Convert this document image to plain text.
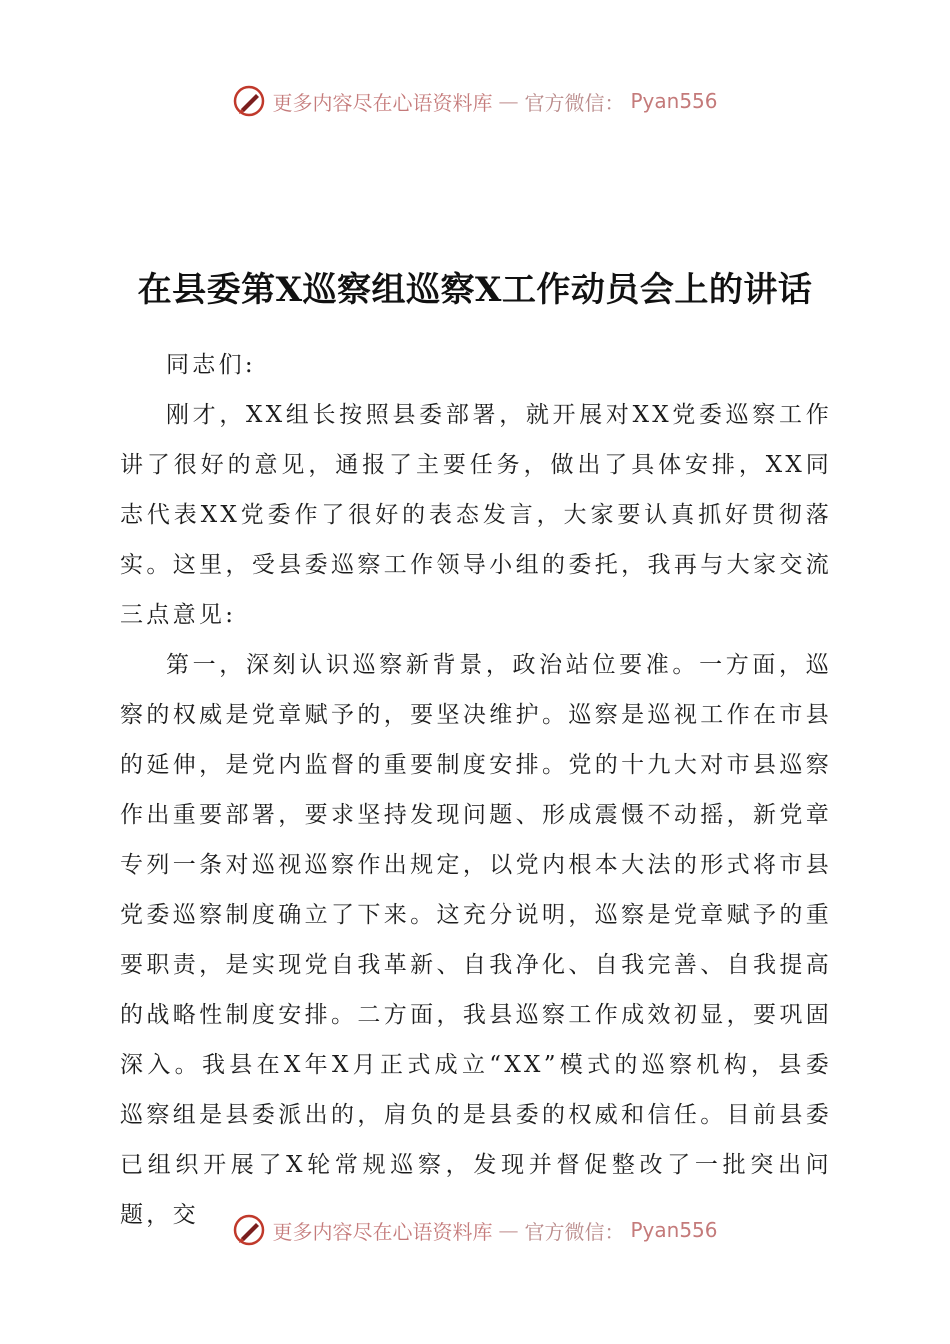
更多内容尽在心语资料库 — 官方微信： Pyan556
在县委第X巡察组巡察X工作动员会上的讲话

同志们:

刚才，XX组长按照县委部署，就开展对XX党委巡察工作讲了很好的意见，通报了主要任务，做出了具体安排，XX同志代表XX党委作了很好的表态发言，大家要认真抓好贯彻落实。这里，受县委巡察工作领导小组的委托，我再与大家交流三点意见:

第一，深刻认识巡察新背景，政治站位要准。一方面，巡察的权威是党章赋予的，要坚决维护。巡察是巡视工作在市县的延伸，是党内监督的重要制度安排。党的十九大对市县巡察作出重要部署，要求坚持发现问题、形成震慑不动摇，新党章专列一条对巡视巡察作出规定，以党内根本大法的形式将市县党委巡察制度确立了下来。这充分说明，巡察是党章赋予的重要职责，是实现党自我革新、自我净化、自我完善、自我提高的战略性制度安排。二方面，我县巡察工作成效初显，要巩固深入。我县在X年X月正式成立“XX”模式的巡察机构，县委巡察组是县委派出的，肩负的是县委的权威和信任。目前县委已组织开展了X轮常规巡察，发现并督促整改了一批突出问题，交

更多内容尽在心语资料库 — 官方微信： Pyan556
